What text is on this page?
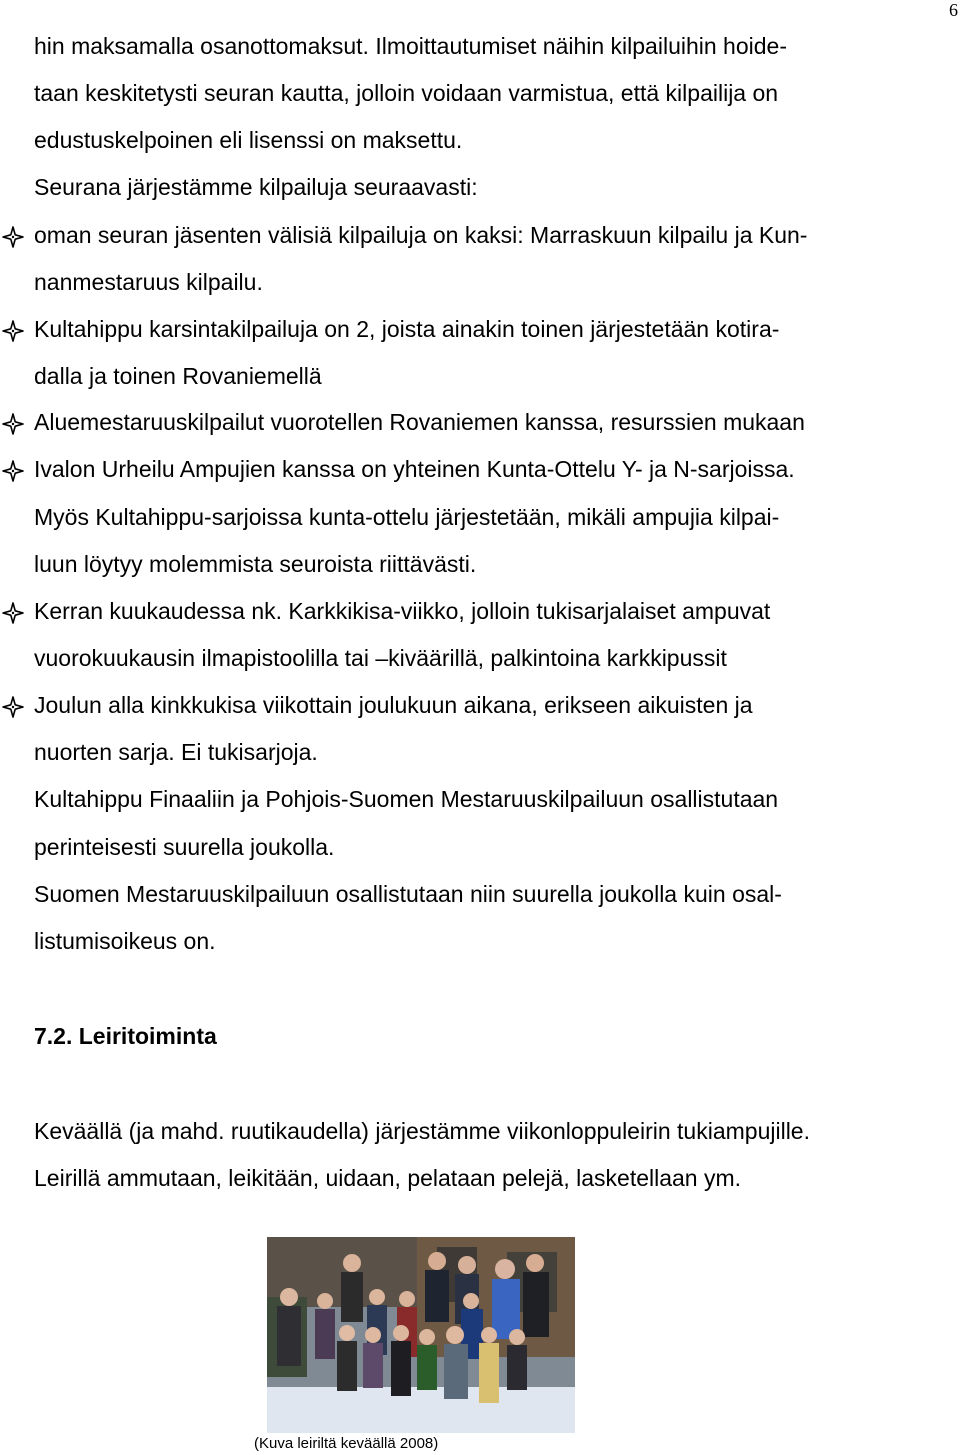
6
hin maksamalla osanottomaksut. Ilmoittautumiset näihin kilpailuihin hoide-
taan keskitetysti seuran kautta, jolloin voidaan varmistua, että kilpailija on
edustuskelpoinen eli lisenssi on maksettu.
Seurana järjestämme kilpailuja seuraavasti:
oman seuran jäsenten välisiä kilpailuja on kaksi: Marraskuun kilpailu ja Kun-
nanmestaruus kilpailu.
Kultahippu karsintakilpailuja on 2, joista ainakin toinen järjestetään kotira-
dalla ja toinen Rovaniemellä
Aluemestaruuskilpailut vuorotellen Rovaniemen kanssa, resurssien mukaan
Ivalon Urheilu Ampujien kanssa on yhteinen Kunta-Ottelu Y- ja N-sarjoissa.
Myös Kultahippu-sarjoissa kunta-ottelu järjestetään, mikäli ampujia kilpai-
luun löytyy molemmista seuroista riittävästi.
Kerran kuukaudessa nk. Karkkikisa-viikko, jolloin tukisarjalaiset ampuvat
vuorokuukausin ilmapistoolilla tai –kiväärillä, palkintoina karkkipussit
Joulun alla kinkkukisa viikottain joulukuun aikana, erikseen aikuisten ja
nuorten sarja. Ei tukisarjoja.
Kultahippu Finaaliin ja Pohjois-Suomen Mestaruuskilpailuun osallistutaan
perinteisesti suurella joukolla.
Suomen Mestaruuskilpailuun osallistutaan niin suurella joukolla kuin osal-
listumisoikeus on.
7.2. Leiritoiminta
Keväällä (ja mahd. ruutikaudella) järjestämme viikonloppuleirin tukiampujille.
Leirillä ammutaan, leikitään, uidaan, pelataan pelejä, lasketellaan ym.
(Kuva leiriltä keväällä 2008)
